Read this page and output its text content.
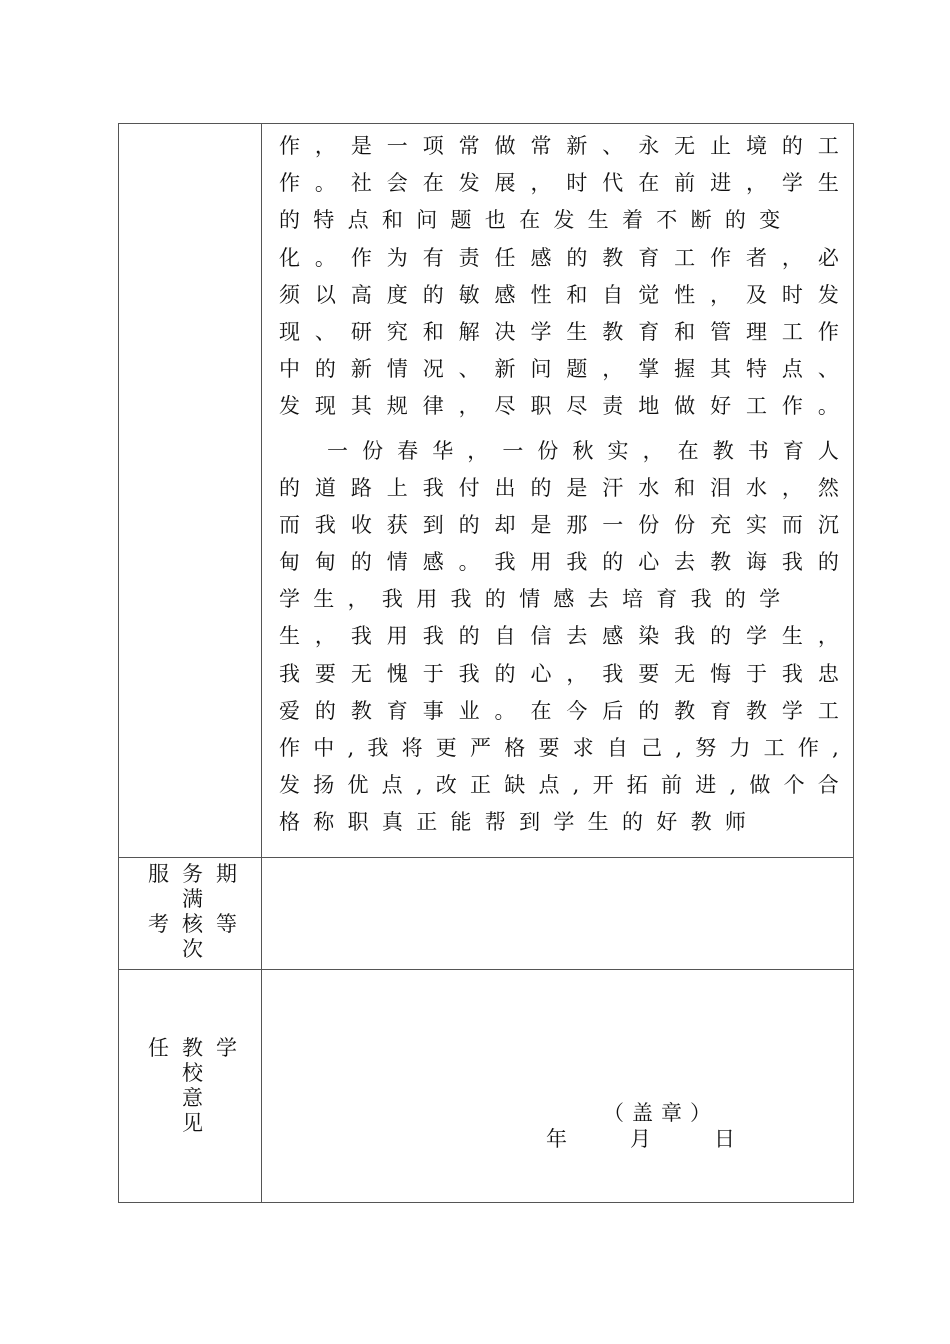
作 ， 是 一 项 常 做 常 新 、 永 无 止 境 的 工
作 。 社 会 在 发 展 ， 时 代 在 前 进 ， 学 生
的 特 点 和 问 题 也 在 发 生 着 不 断 的 变
化 。 作 为 有 责 任 感 的 教 育 工 作 者 ， 必
须 以 高 度 的 敏 感 性 和 自 觉 性 ， 及 时 发
现 、 研 究 和 解 决 学 生 教 育 和 管 理 工 作
中 的 新 情 况 、 新 问 题 ， 掌 握 其 特 点 、
发 现 其 规 律 ， 尽 职 尽 责 地 做 好 工 作 。
一 份 春 华 ， 一 份 秋 实 ， 在 教 书 育 人
的 道 路 上 我 付 出 的 是 汗 水 和 泪 水 ， 然
而 我 收 获 到 的 却 是 那 一 份 份 充 实 而 沉
甸 甸 的 情 感 。 我 用 我 的 心 去 教 诲 我 的
学 生 ， 我 用 我 的 情 感 去 培 育 我 的 学
生 ， 我 用 我 的 自 信 去 感 染 我 的 学 生 ，
我 要 无 愧 于 我 的 心 ， 我 要 无 悔 于 我 忠
爱 的 教 育 事 业 。 在 今 后 的 教 育 教 学 工
作 中 , 我 将 更 严 格 要 求 自 己 , 努 力 工 作 ,
发 扬 优 点 , 改 正 缺 点 , 开 拓 前 进 , 做 个 合
格 称 职 真 正 能 帮 到 学 生 的 好 教 师
服 务 期
满
考 核 等
次
任 教 学
校
意
见	（盖章）
年	月	日
